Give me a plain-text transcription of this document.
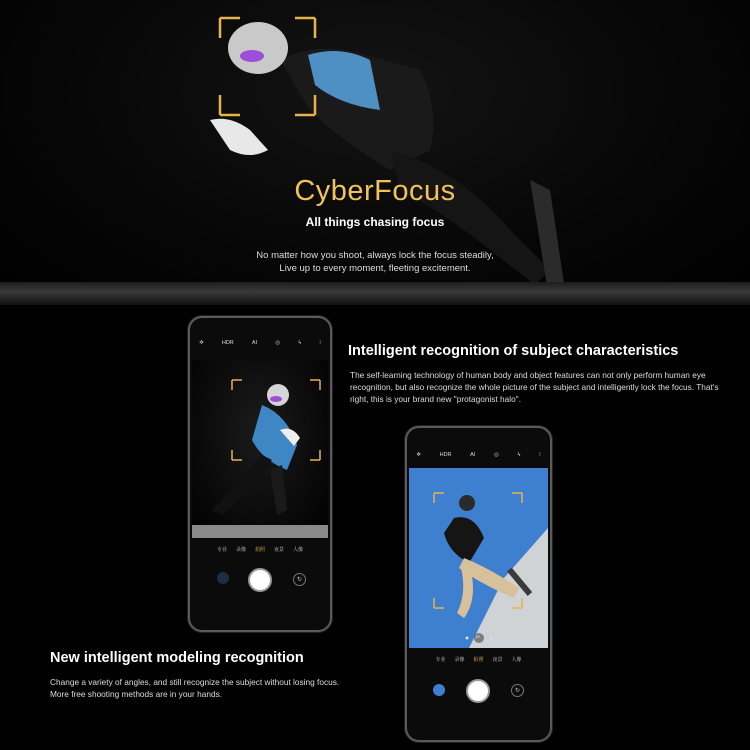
CyberFocus
All things chasing focus
No matter how you shoot, always lock the focus steadily,
Live up to every moment, fleeting excitement.
✲	HDR	AI	◎	ϟ	⁞
专业 录像 拍照 夜景 人像
↻
✲	HDR	AI	◎	ϟ	⁞
1X
专业 录像 拍照 夜景 人像
↻
Intelligent recognition of subject characteristics
The self-learning technology of human body and object features can not only perform human eye recognition, but also recognize the whole picture of the subject and intelligently lock the focus. That's right, this is your brand new "protagonist halo".
New intelligent modeling recognition
Change a variety of angles, and still recognize the subject without losing focus.
More free shooting methods are in your hands.
